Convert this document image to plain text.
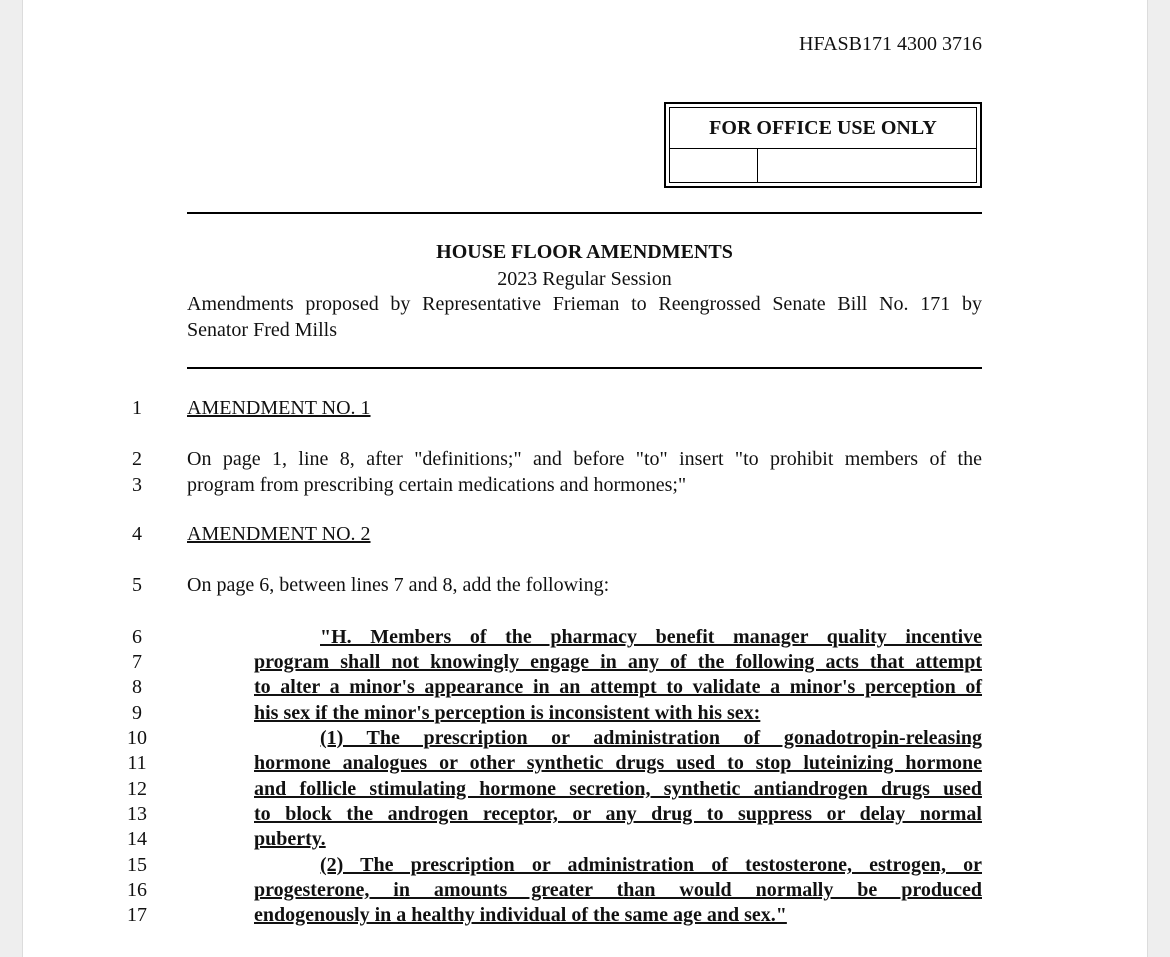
HFASB171 4300 3716
FOR OFFICE USE ONLY
HOUSE FLOOR AMENDMENTS
2023 Regular Session
Amendments proposed by Representative Frieman to Reengrossed Senate Bill No. 171 by
Senator Fred Mills
1	AMENDMENT NO. 1
2	On page 1, line 8, after "definitions;" and before "to" insert "to prohibit members of the
3	program from prescribing certain medications and hormones;"
4	AMENDMENT NO. 2
5	On page 6, between lines 7 and 8, add the following:
6	"H. Members of the pharmacy benefit manager quality incentive
7	program shall not knowingly engage in any of the following acts that attempt
8	to alter a minor's appearance in an attempt to validate a minor's perception of
9	his sex if the minor's perception is inconsistent with his sex:
10	(1) The prescription or administration of gonadotropin-releasing
11	hormone analogues or other synthetic drugs used to stop luteinizing hormone
12	and follicle stimulating hormone secretion, synthetic antiandrogen drugs used
13	to block the androgen receptor, or any drug to suppress or delay normal
14	puberty.
15	(2) The prescription or administration of testosterone, estrogen, or
16	progesterone, in amounts greater than would normally be produced
17	endogenously in a healthy individual of the same age and sex."
